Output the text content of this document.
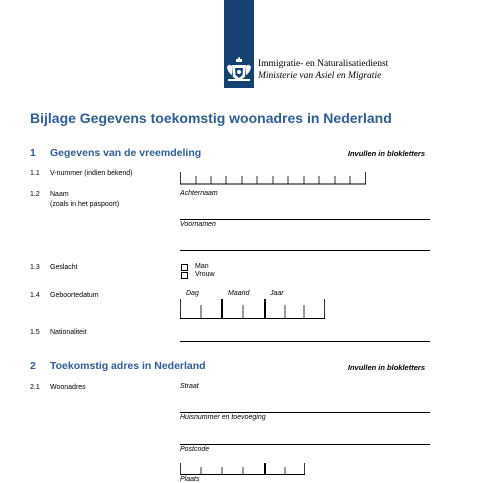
Immigratie- en Naturalisatiedienst
Ministerie van Asiel en Migratie
Bijlage Gegevens toekomstig woonadres in Nederland
1 Gegevens van de vreemdeling	Invullen in blokletters
1.1 V-nummer (indien bekend)
1.2 Naam
(zoals in het paspoort)
Achternaam
Voornamen
1.3 Geslacht	Man
Vrouw
1.4 Geboortedatum	Dag	Maand	Jaar
1.5 Nationaliteit
2 Toekomstig adres in Nederland	Invullen in blokletters
2.1 Woonadres	Straat
Huisnummer en toevoeging
Postcode
Plaats
